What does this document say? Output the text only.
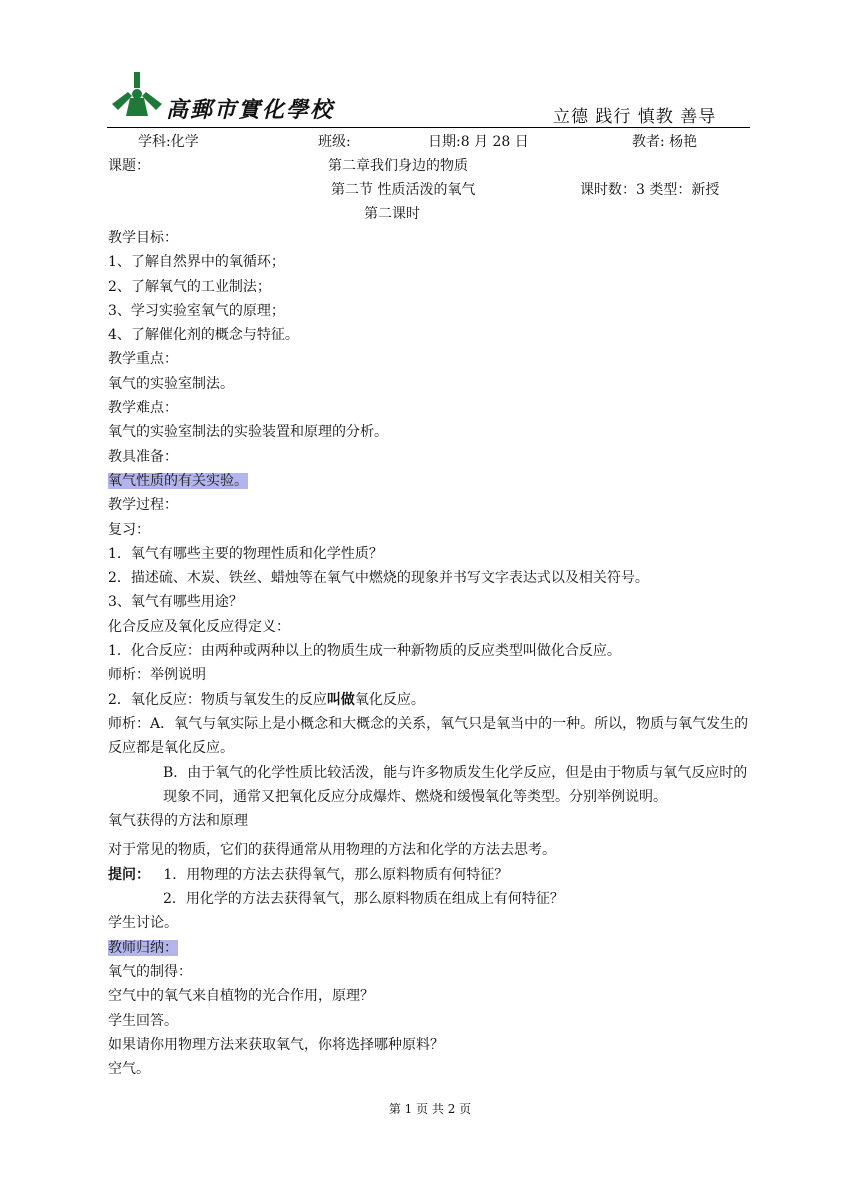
高郵市實化學校	立德 践行 慎教 善导
学科:化学	班级:	日期:8 月 28 日	教者: 杨艳
课题：	第二章我们身边的物质
第二节 性质活泼的氧气	课时数：3 类型：新授
第二课时

教学目标：

1、了解自然界中的氧循环；

2、了解氧气的工业制法；

3、学习实验室氧气的原理；

4、了解催化剂的概念与特征。

教学重点：

氧气的实验室制法。

教学难点：

氧气的实验室制法的实验装置和原理的分析。

教具准备：

氧气性质的有关实验。

教学过程：

复习：

1．氧气有哪些主要的物理性质和化学性质？

2．描述硫、木炭、铁丝、蜡烛等在氧气中燃烧的现象并书写文字表达式以及相关符号。

3、氧气有哪些用途？

化合反应及氧化反应得定义：

1．化合反应：由两种或两种以上的物质生成一种新物质的反应类型叫做化合反应。

师析：举例说明

2．氧化反应：物质与氧发生的反应叫做氧化反应。

师析：A．氧气与氧实际上是小概念和大概念的关系，氧气只是氧当中的一种。所以，物质与氧气发生的反应都是氧化反应。

B．由于氧气的化学性质比较活泼，能与许多物质发生化学反应，但是由于物质与氧气反应时的现象不同，通常又把氧化反应分成爆炸、燃烧和缓慢氧化等类型。分别举例说明。

氧气获得的方法和原理

对于常见的物质，它们的获得通常从用物理的方法和化学的方法去思考。

提问： 1．用物理的方法去获得氧气，那么原料物质有何特征？

2．用化学的方法去获得氧气，那么原料物质在组成上有何特征？

学生讨论。

教师归纳：

氧气的制得：

空气中的氧气来自植物的光合作用，原理？

学生回答。

如果请你用物理方法来获取氧气，你将选择哪种原料？

空气。

第 1 页 共 2 页
